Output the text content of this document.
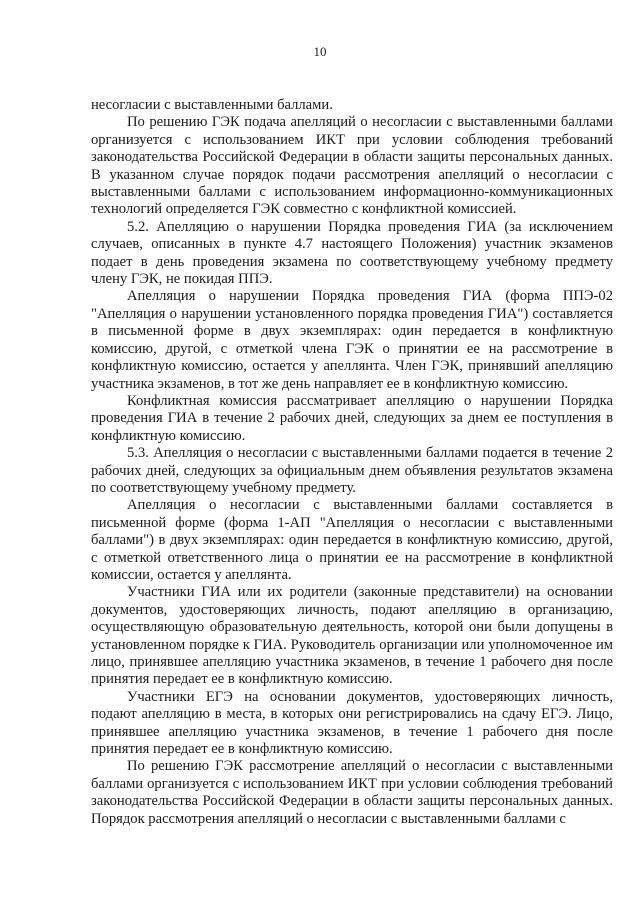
10

несогласии с выставленными баллами.

По решению ГЭК подача апелляций о несогласии с выставленными баллами организуется с использованием ИКТ при условии соблюдения требований законодательства Российской Федерации в области защиты персональных данных. В указанном случае порядок подачи рассмотрения апелляций о несогласии с выставленными баллами с использованием информационно-коммуникационных технологий определяется ГЭК совместно с конфликтной комиссией.

5.2. Апелляцию о нарушении Порядка проведения ГИА (за исключением случаев, описанных в пункте 4.7 настоящего Положения) участник экзаменов подает в день проведения экзамена по соответствующему учебному предмету члену ГЭК, не покидая ППЭ.

Апелляция о нарушении Порядка проведения ГИА (форма ППЭ-02 "Апелляция о нарушении установленного порядка проведения ГИА") составляется в письменной форме в двух экземплярах: один передается в конфликтную комиссию, другой, с отметкой члена ГЭК о принятии ее на рассмотрение в конфликтную комиссию, остается у апеллянта. Член ГЭК, принявший апелляцию участника экзаменов, в тот же день направляет ее в конфликтную комиссию.

Конфликтная комиссия рассматривает апелляцию о нарушении Порядка проведения ГИА в течение 2 рабочих дней, следующих за днем ее поступления в конфликтную комиссию.

5.3. Апелляция о несогласии с выставленными баллами подается в течение 2 рабочих дней, следующих за официальным днем объявления результатов экзамена по соответствующему учебному предмету.

Апелляция о несогласии с выставленными баллами составляется в письменной форме (форма 1-АП "Апелляция о несогласии с выставленными баллами") в двух экземплярах: один передается в конфликтную комиссию, другой, с отметкой ответственного лица о принятии ее на рассмотрение в конфликтной комиссии, остается у апеллянта.

Участники ГИА или их родители (законные представители) на основании документов, удостоверяющих личность, подают апелляцию в организацию, осуществляющую образовательную деятельность, которой они были допущены в установленном порядке к ГИА. Руководитель организации или уполномоченное им лицо, принявшее апелляцию участника экзаменов, в течение 1 рабочего дня после принятия передает ее в конфликтную комиссию.

Участники ЕГЭ на основании документов, удостоверяющих личность, подают апелляцию в места, в которых они регистрировались на сдачу ЕГЭ. Лицо, принявшее апелляцию участника экзаменов, в течение 1 рабочего дня после принятия передает ее в конфликтную комиссию.

По решению ГЭК рассмотрение апелляций о несогласии с выставленными баллами организуется с использованием ИКТ при условии соблюдения требований законодательства Российской Федерации в области защиты персональных данных. Порядок рассмотрения апелляций о несогласии с выставленными баллами с
